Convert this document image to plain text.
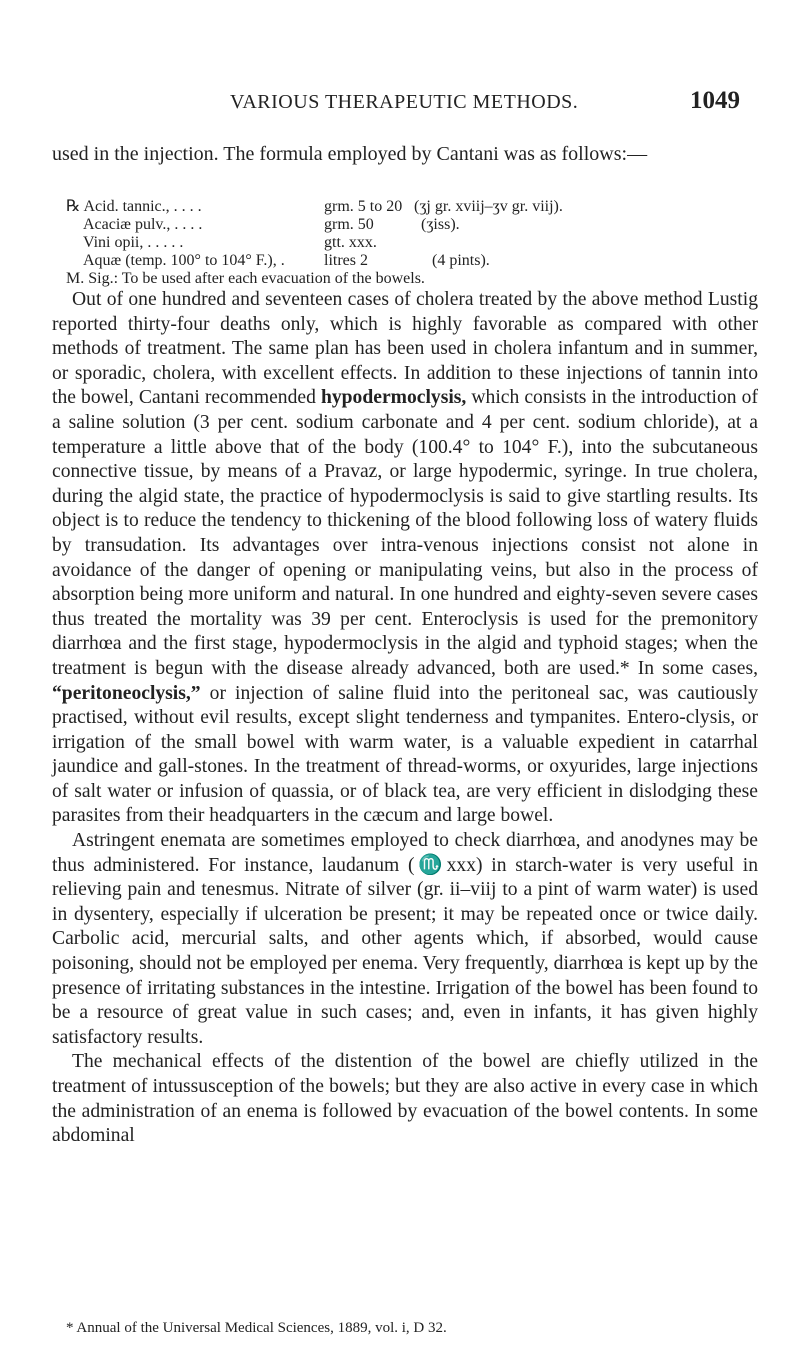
VARIOUS THERAPEUTIC METHODS.	1049
used in the injection. The formula employed by Cantani was as follows:—
℞ Acid. tannic., . . . .	grm. 5 to 20 (ʒj gr. xviij–ʒv gr. viij).
Acaciæ pulv., . . . .	grm. 50	(ʒiss).
Vini opii, . . . . .	gtt. xxx.
Aquæ (temp. 100° to 104° F.), . litres 2	(4 pints).
M. Sig.: To be used after each evacuation of the bowels.

Out of one hundred and seventeen cases of cholera treated by the above method Lustig reported thirty-four deaths only, which is highly favorable as compared with other methods of treatment. The same plan has been used in cholera infantum and in summer, or sporadic, cholera, with excellent effects. In addition to these injections of tannin into the bowel, Cantani recommended hypodermoclysis, which consists in the introduction of a saline solution (3 per cent. sodium carbonate and 4 per cent. sodium chloride), at a temperature a little above that of the body (100.4° to 104° F.), into the subcutaneous connective tissue, by means of a Pravaz, or large hypodermic, syringe. In true cholera, during the algid state, the practice of hypodermoclysis is said to give startling results. Its object is to reduce the tendency to thickening of the blood following loss of watery fluids by transudation. Its advantages over intra-venous injections consist not alone in avoidance of the danger of opening or manipulating veins, but also in the process of absorption being more uniform and natural. In one hundred and eighty-seven severe cases thus treated the mortality was 39 per cent. Enteroclysis is used for the premonitory diarrhœa and the first stage, hypodermoclysis in the algid and typhoid stages; when the treatment is begun with the disease already advanced, both are used.* In some cases, “peritoneoclysis,” or injection of saline fluid into the peritoneal sac, was cautiously practised, without evil results, except slight tenderness and tympanites. Entero-clysis, or irrigation of the small bowel with warm water, is a valuable expedient in catarrhal jaundice and gall-stones. In the treatment of thread-worms, or oxyurides, large injections of salt water or infusion of quassia, or of black tea, are very efficient in dislodging these parasites from their headquarters in the cæcum and large bowel.

Astringent enemata are sometimes employed to check diarrhœa, and anodynes may be thus administered. For instance, laudanum (♏xxx) in starch-water is very useful in relieving pain and tenesmus. Nitrate of silver (gr. ii–viij to a pint of warm water) is used in dysentery, especially if ulceration be present; it may be repeated once or twice daily. Carbolic acid, mercurial salts, and other agents which, if absorbed, would cause poisoning, should not be employed per enema. Very frequently, diarrhœa is kept up by the presence of irritating substances in the intestine. Irrigation of the bowel has been found to be a resource of great value in such cases; and, even in infants, it has given highly satisfactory results.

The mechanical effects of the distention of the bowel are chiefly utilized in the treatment of intussusception of the bowels; but they are also active in every case in which the administration of an enema is followed by evacuation of the bowel contents. In some abdominal

* Annual of the Universal Medical Sciences, 1889, vol. i, D 32.
